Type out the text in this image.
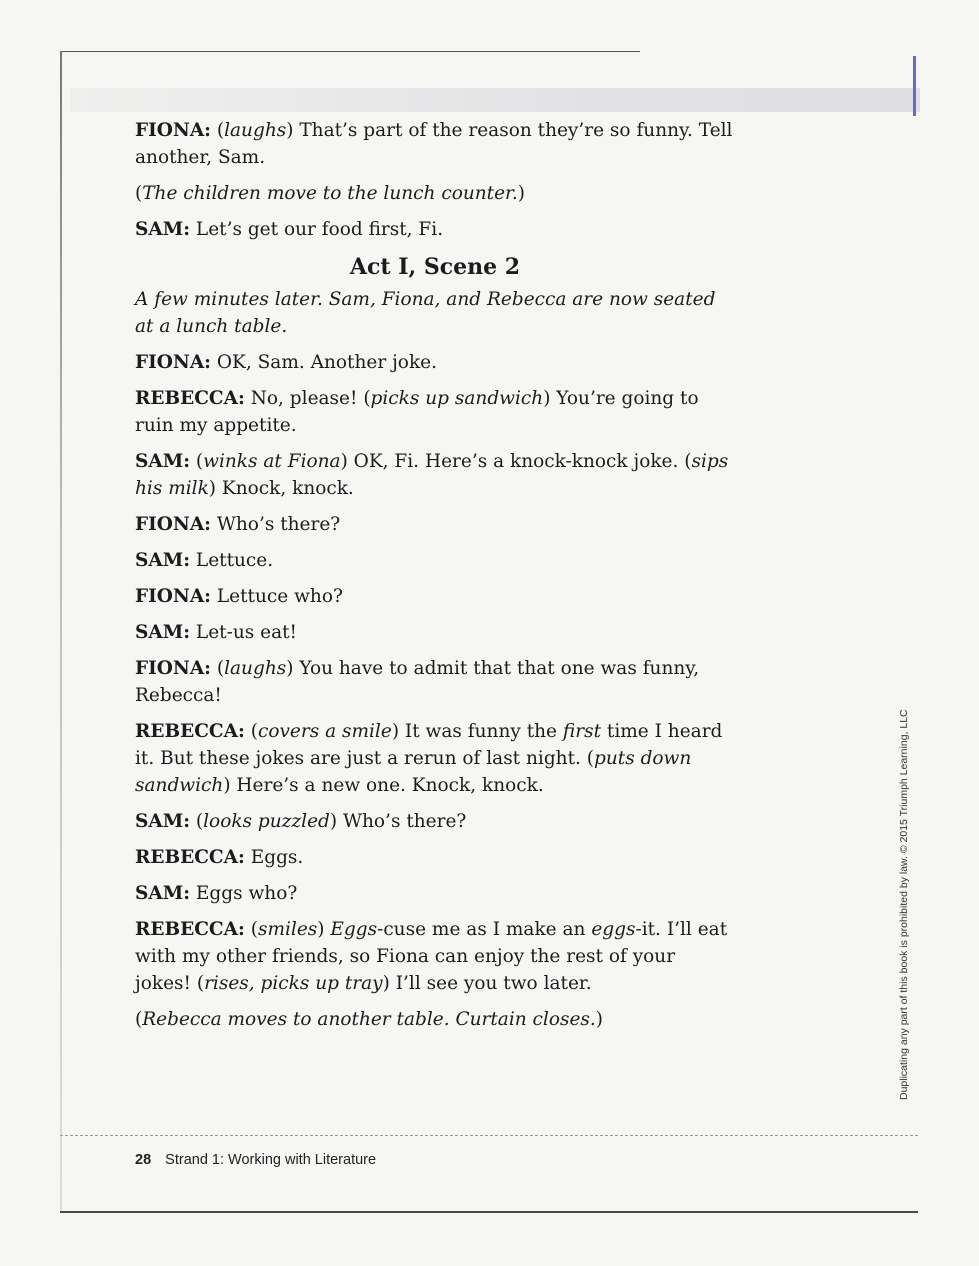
FIONA: (laughs) That’s part of the reason they’re so funny. Tell another, Sam.

(The children move to the lunch counter.)

SAM: Let’s get our food first, Fi.

Act I, Scene 2

A few minutes later. Sam, Fiona, and Rebecca are now seated at a lunch table.

FIONA: OK, Sam. Another joke.

REBECCA: No, please! (picks up sandwich) You’re going to ruin my appetite.

SAM: (winks at Fiona) OK, Fi. Here’s a knock-knock joke. (sips his milk) Knock, knock.

FIONA: Who’s there?

SAM: Lettuce.

FIONA: Lettuce who?

SAM: Let-us eat!

FIONA: (laughs) You have to admit that that one was funny, Rebecca!

REBECCA: (covers a smile) It was funny the first time I heard it. But these jokes are just a rerun of last night. (puts down sandwich) Here’s a new one. Knock, knock.

SAM: (looks puzzled) Who’s there?

REBECCA: Eggs.

SAM: Eggs who?

REBECCA: (smiles) Eggs-cuse me as I make an eggs-it. I’ll eat with my other friends, so Fiona can enjoy the rest of your jokes! (rises, picks up tray) I’ll see you two later.

(Rebecca moves to another table. Curtain closes.)	Duplicating any part of this book is prohibited by law. © 2015 Triumph Learning, LLC
28 Strand 1: Working with Literature
